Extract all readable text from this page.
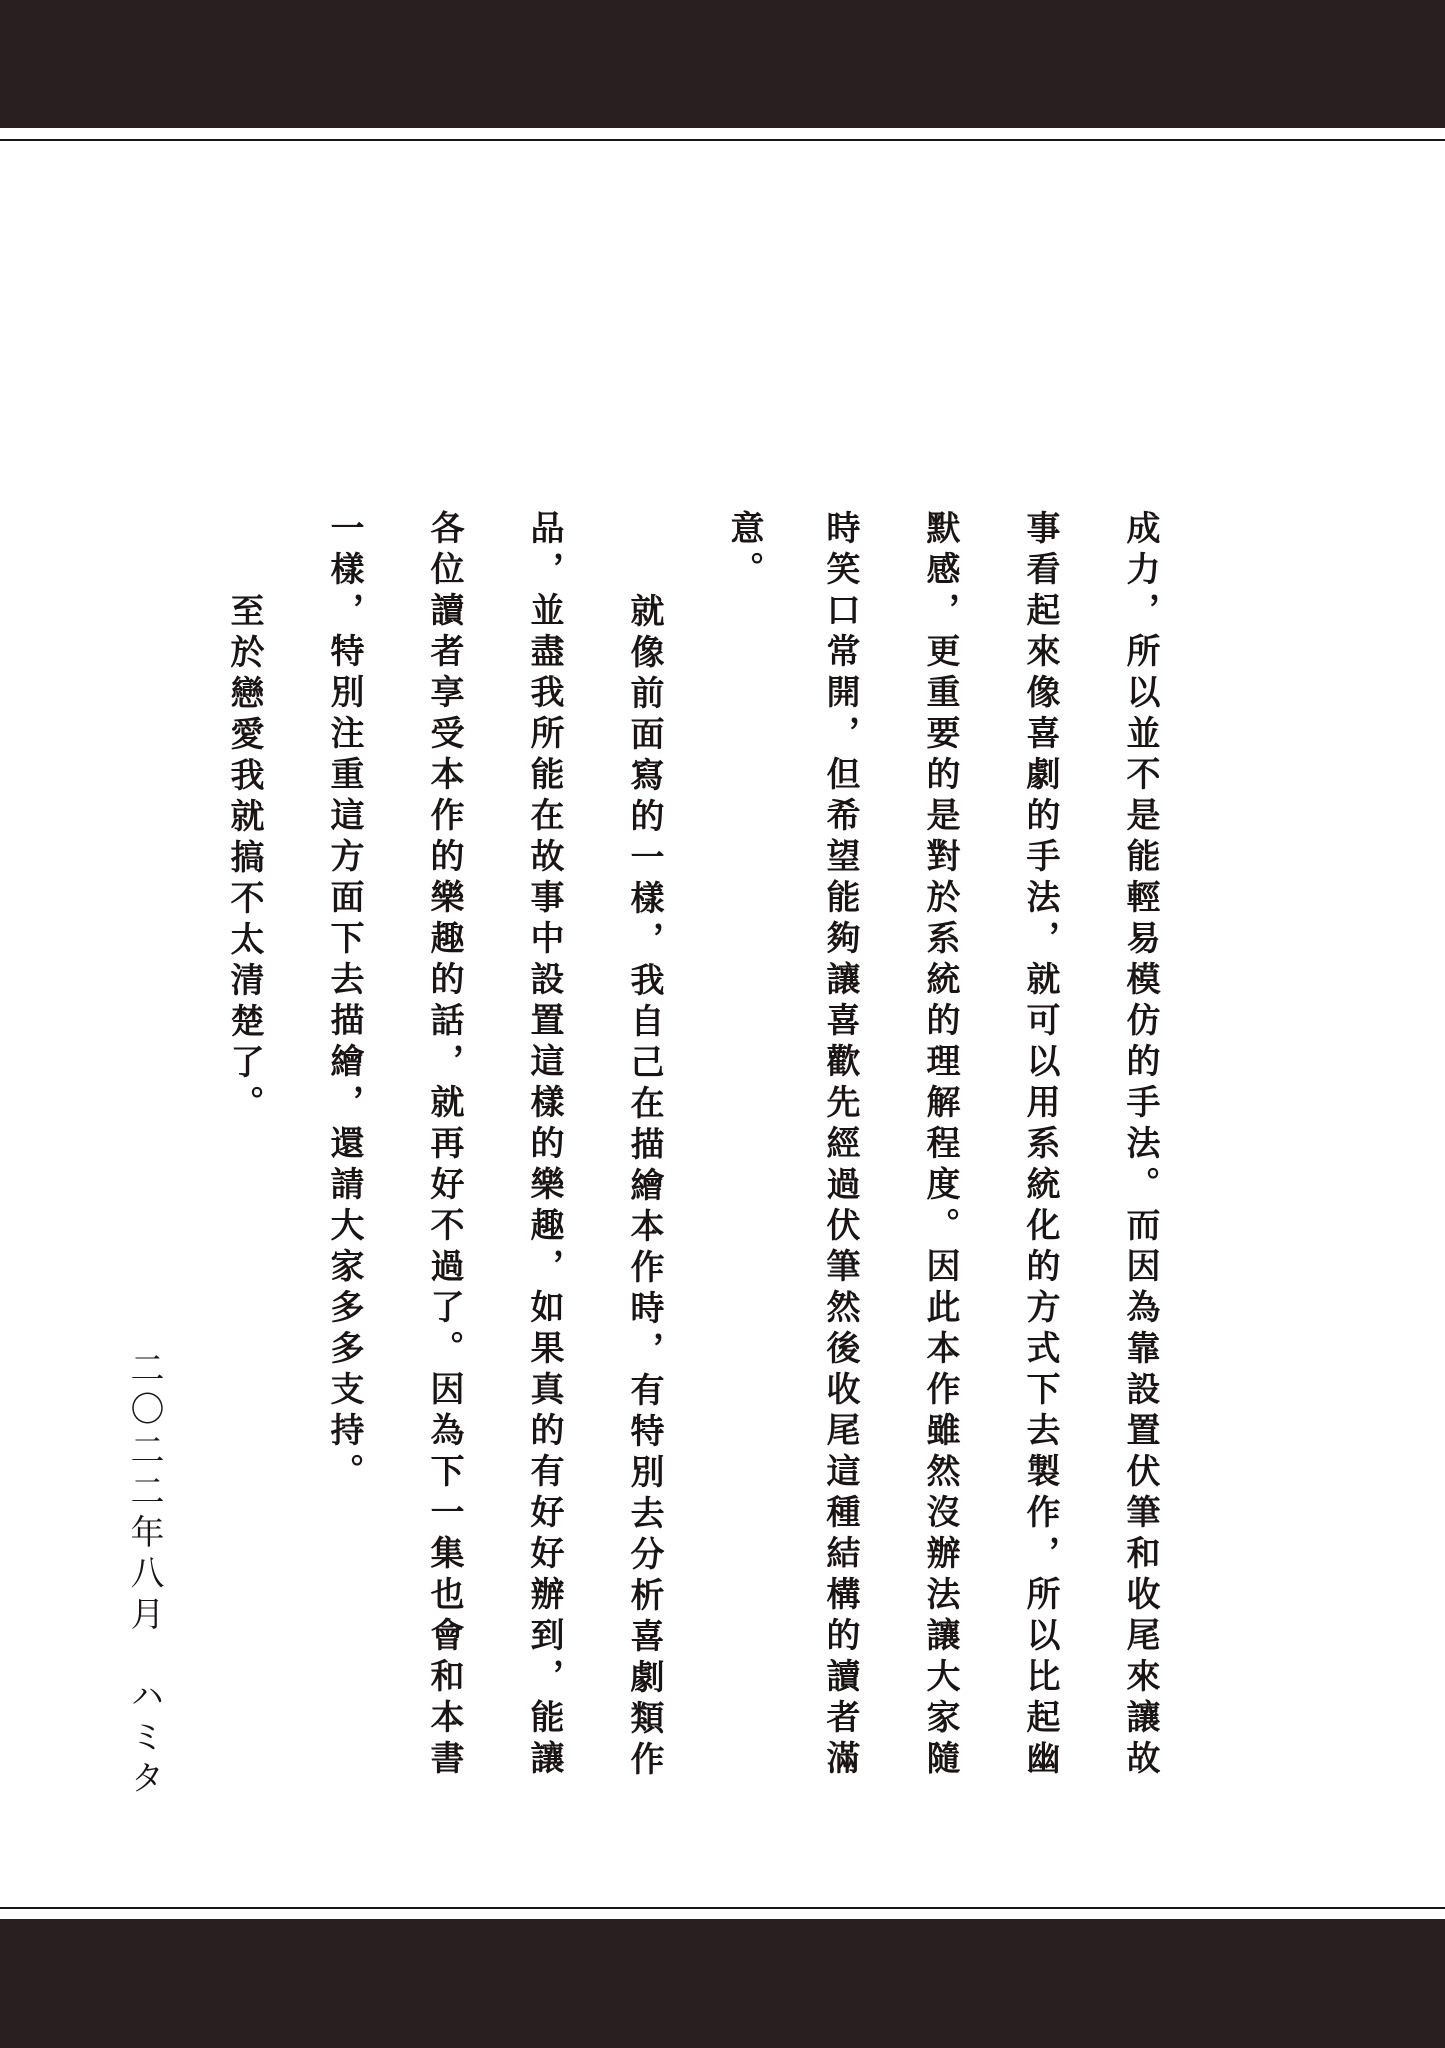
成力，所以並不是能輕易模仿的手法。而因為靠設置伏筆和收尾來讓故
事看起來像喜劇的手法，就可以用系統化的方式下去製作，所以比起幽
默感，更重要的是對於系統的理解程度。因此本作雖然沒辦法讓大家隨
時笑口常開，但希望能夠讓喜歡先經過伏筆然後收尾這種結構的讀者滿
意。
就像前面寫的一樣，我自己在描繪本作時，有特別去分析喜劇類作
品，並盡我所能在故事中設置這樣的樂趣，如果真的有好好辦到，能讓
各位讀者享受本作的樂趣的話，就再好不過了。因為下一集也會和本書
一樣，特別注重這方面下去描繪，還請大家多多支持。
至於戀愛我就搞不太清楚了。
二〇二二年八月　ハミタ
